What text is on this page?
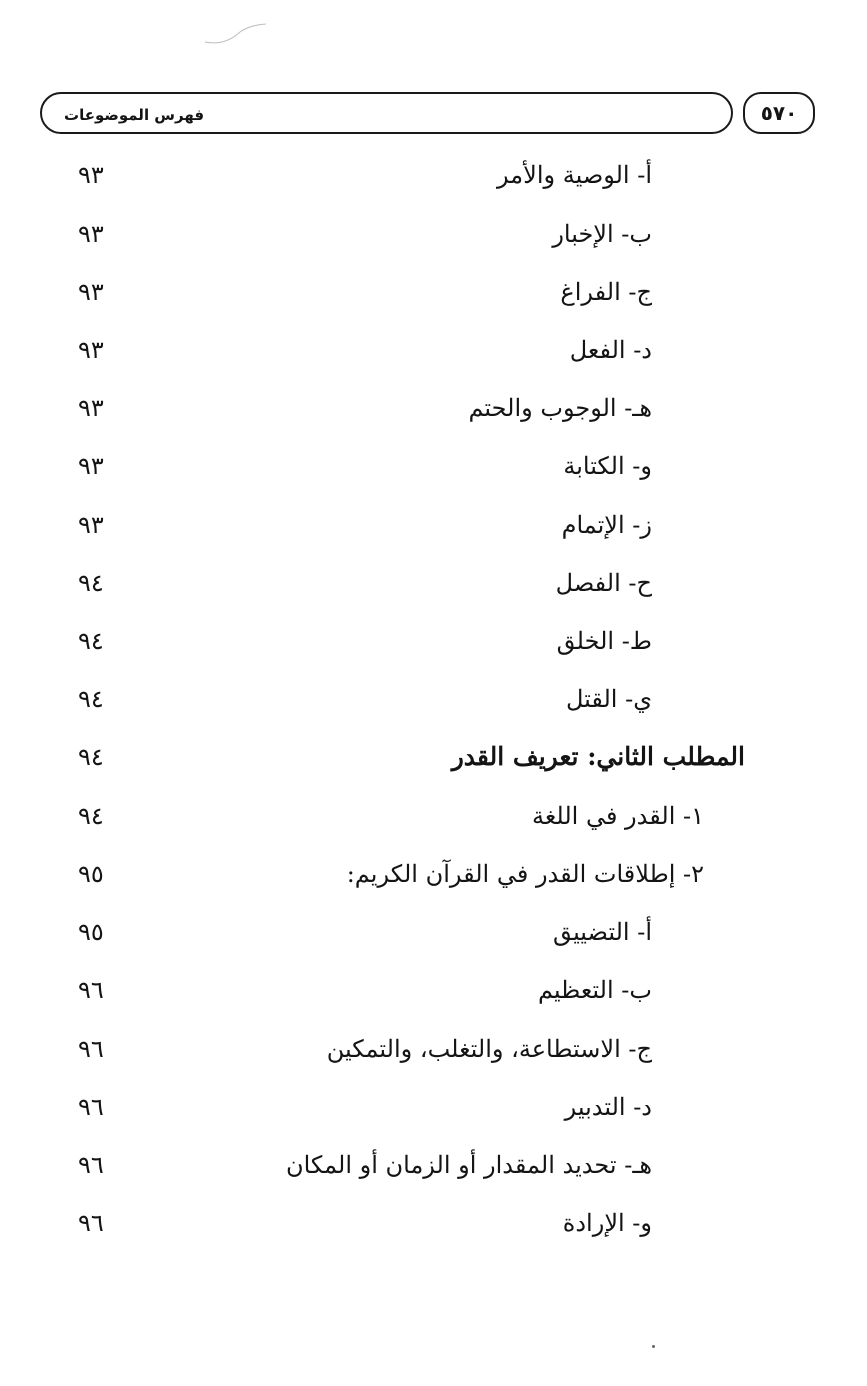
فهرس الموضوعات	٥٧٠
أ- الوصية والأمر
٩٣
ب- الإخبار
٩٣
ج- الفراغ
٩٣
د- الفعل
٩٣
هـ- الوجوب والحتم
٩٣
و- الكتابة
٩٣
ز- الإتمام
٩٣
ح- الفصل
٩٤
ط- الخلق
٩٤
ي- القتل
٩٤
المطلب الثاني: تعريف القدر
٩٤
١- القدر في اللغة
٩٤
٢- إطلاقات القدر في القرآن الكريم:
٩٥
أ- التضييق
٩٥
ب- التعظيم
٩٦
ج- الاستطاعة، والتغلب، والتمكين
٩٦
د- التدبير
٩٦
هـ- تحديد المقدار أو الزمان أو المكان
٩٦
و- الإرادة
٩٦
